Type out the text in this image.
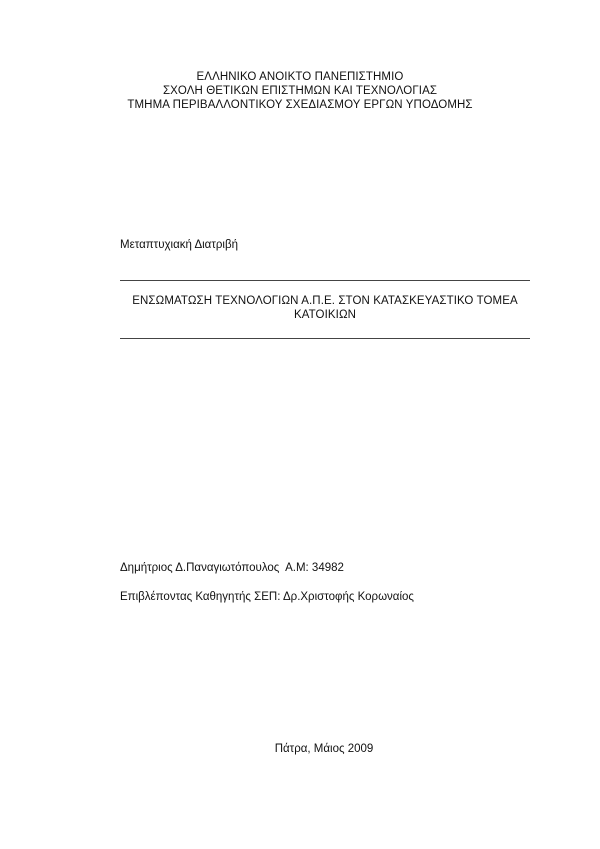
ΕΛΛΗΝΙΚΟ ΑΝΟΙΚΤΟ ΠΑΝΕΠΙΣΤΗΜΙΟ
ΣΧΟΛΗ ΘΕΤΙΚΩΝ ΕΠΙΣΤΗΜΩΝ ΚΑΙ ΤΕΧΝΟΛΟΓΙΑΣ
ΤΜΗΜΑ ΠΕΡΙΒΑΛΛΟΝΤΙΚΟΥ ΣΧΕΔΙΑΣΜΟΥ ΕΡΓΩΝ ΥΠΟΔΟΜΗΣ
Μεταπτυχιακή Διατριβή
ΕΝΣΩΜΑΤΩΣΗ ΤΕΧΝΟΛΟΓΙΩΝ Α.Π.Ε. ΣΤΟΝ ΚΑΤΑΣΚΕΥΑΣΤΙΚΟ ΤΟΜΕΑ
ΚΑΤΟΙΚΙΩΝ
Δημήτριος Δ.Παναγιωτόπουλος  Α.Μ: 34982
Επιβλέποντας Καθηγητής ΣΕΠ: Δρ.Χριστοφής Κορωναίος
Πάτρα, Μάιος 2009
